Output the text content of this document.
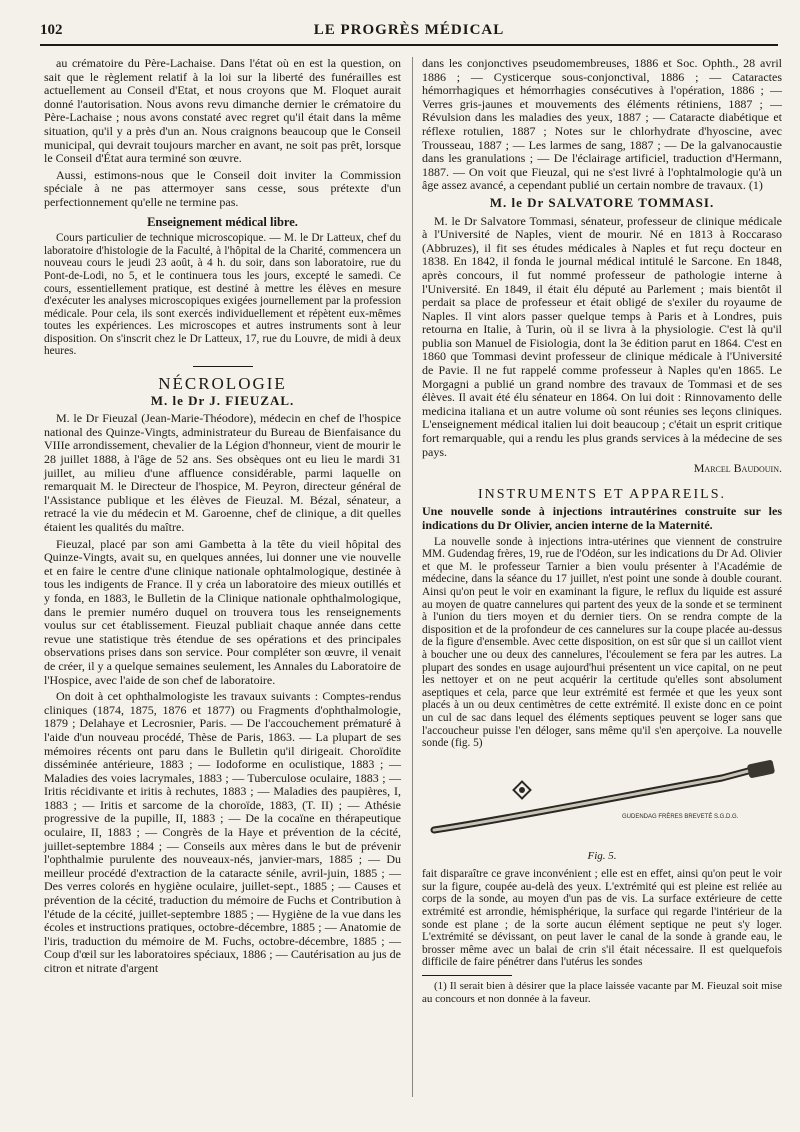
102	LE PROGRÈS MÉDICAL

au crématoire du Père-Lachaise. Dans l'état où en est la question, on sait que le règlement relatif à la loi sur la liberté des funérailles est actuellement au Conseil d'Etat, et nous croyons que M. Floquet aurait donné l'autorisation. Nous avons revu dimanche dernier le crématoire du Père-Lachaise ; nous avons constaté avec regret qu'il était dans la même situation, qu'il y a près d'un an. Nous craignons beaucoup que le Conseil municipal, qui devrait toujours marcher en avant, ne soit pas prêt, lorsque le Conseil d'État aura terminé son œuvre.

Aussi, estimons-nous que le Conseil doit inviter la Commission spéciale à ne pas attermoyer sans cesse, sous prétexte d'un perfectionnement qu'elle ne termine pas.

Enseignement médical libre.

Cours particulier de technique microscopique. — M. le Dr Latteux, chef du laboratoire d'histologie de la Faculté, à l'hôpital de la Charité, commencera un nouveau cours le jeudi 23 août, à 4 h. du soir, dans son laboratoire, rue du Pont-de-Lodi, no 5, et le continuera tous les jours, excepté le samedi. Ce cours, essentiellement pratique, est destiné à mettre les élèves en mesure d'exécuter les analyses microscopiques exigées journellement par la profession médicale. Pour cela, ils sont exercés individuellement et répètent eux-mêmes toutes les expériences. Les microscopes et autres instruments sont à leur disposition. On s'inscrit chez le Dr Latteux, 17, rue du Louvre, de midi à deux heures.

NÉCROLOGIE
M. le Dr J. FIEUZAL.

M. le Dr Fieuzal (Jean-Marie-Théodore), médecin en chef de l'hospice national des Quinze-Vingts, administrateur du Bureau de Bienfaisance du VIIIe arrondissement, chevalier de la Légion d'honneur, vient de mourir le 28 juillet 1888, à l'âge de 52 ans. Ses obsèques ont eu lieu le mardi 31 juillet, au milieu d'une affluence considérable, parmi laquelle on remarquait M. le Directeur de l'hospice, M. Peyron, directeur général de l'Assistance publique et les élèves de Fieuzal. M. Bézal, sénateur, a retracé la vie du médecin et M. Garoenne, chef de clinique, a dit quelles étaient les qualités du maître.

Fieuzal, placé par son ami Gambetta à la tête du vieil hôpital des Quinze-Vingts, avait su, en quelques années, lui donner une vie nouvelle et en faire le centre d'une clinique nationale ophtalmologique, destinée à tous les indigents de France. Il y créa un laboratoire des mieux outillés et y fonda, en 1883, le Bulletin de la Clinique nationale ophthalmologique, dans le premier numéro duquel on trouvera tous les renseignements voulus sur cet établissement. Fieuzal publiait chaque année dans cette revue une statistique très étendue de ses opérations et des principales observations prises dans son service. Pour compléter son œuvre, il venait de créer, il y a quelque semaines seulement, les Annales du Laboratoire de l'Hospice, avec l'aide de son chef de laboratoire.

On doit à cet ophthalmologiste les travaux suivants : Comptes-rendus cliniques (1874, 1875, 1876 et 1877) ou Fragments d'ophthalmologie, 1879 ; Delahaye et Lecrosnier, Paris. — De l'accouchement prématuré à l'aide d'un nouveau procédé, Thèse de Paris, 1863. — La plupart de ses mémoires récents ont paru dans le Bulletin qu'il dirigeait. Choroïdite disséminée antérieure, 1883 ; — Iodoforme en oculistique, 1883 ; — Maladies des voies lacrymales, 1883 ; — Tuberculose oculaire, 1883 ; — Iritis récidivante et iritis à rechutes, 1883 ; — Maladies des paupières, I, 1883 ; — Iritis et sarcome de la choroïde, 1883, (T. II) ; — Athésie progressive de la pupille, II, 1883 ; — De la cocaïne en thérapeutique oculaire, II, 1883 ; — Congrès de la Haye et prévention de la cécité, juillet-septembre 1884 ; — Conseils aux mères dans le but de prévenir l'ophthalmie purulente des nouveaux-nés, janvier-mars, 1885 ; — Du meilleur procédé d'extraction de la cataracte sénile, avril-juin, 1885 ; — Des verres colorés en hygiène oculaire, juillet-sept., 1885 ; — Causes et prévention de la cécité, traduction du mémoire de Fuchs et Contribution à l'étude de la cécité, juillet-septembre 1885 ; — Hygiène de la vue dans les écoles et instructions pratiques, octobre-décembre, 1885 ; — Anatomie de l'iris, traduction du mémoire de M. Fuchs, octobre-décembre, 1885 ; — Coup d'œil sur les laboratoires spéciaux, 1886 ; — Cautérisation au jus de citron et nitrate d'argent

dans les conjonctives pseudomembreuses, 1886 et Soc. Ophth., 28 avril 1886 ; — Cysticerque sous-conjonctival, 1886 ; — Cataractes hémorrhagiques et hémorrhagies consécutives à l'opération, 1886 ; — Verres gris-jaunes et mouvements des éléments rétiniens, 1887 ; — Révulsion dans les maladies des yeux, 1887 ; — Cataracte diabétique et réflexe rotulien, 1887 ; Notes sur le chlorhydrate d'hyoscine, avec Trousseau, 1887 ; — Les larmes de sang, 1887 ; — De la galvanocaustie dans les granulations ; — De l'éclairage artificiel, traduction d'Hermann, 1887. — On voit que Fieuzal, qui ne s'est livré à l'ophtalmologie qu'à un âge assez avancé, a cependant publié un certain nombre de travaux. (1)

M. le Dr SALVATORE TOMMASI.

M. le Dr Salvatore Tommasi, sénateur, professeur de clinique médicale à l'Université de Naples, vient de mourir. Né en 1813 à Roccaraso (Abbruzes), il fit ses études médicales à Naples et fut reçu docteur en 1838. En 1842, il fonda le journal médical intitulé le Sarcone. En 1848, après concours, il fut nommé professeur de pathologie interne à l'Université. En 1849, il était élu député au Parlement ; mais bientôt il perdait sa place de professeur et était obligé de s'exiler du royaume de Naples. Il vint alors passer quelque temps à Paris et à Londres, puis retourna en Italie, à Turin, où il se livra à la physiologie. C'est là qu'il publia son Manuel de Fisiologia, dont la 3e édition parut en 1864. C'est en 1860 que Tommasi devint professeur de clinique médicale à l'Université de Pavie. Il ne fut rappelé comme professeur à Naples qu'en 1865. Le Morgagni a publié un grand nombre des travaux de Tommasi et de ses élèves. Il avait été élu sénateur en 1864. On lui doit : Rinnovamento delle medicina italiana et un autre volume où sont réunies ses leçons cliniques. L'enseignement médical italien lui doit beaucoup ; c'était un esprit critique fort remarquable, qui a rendu les plus grands services à la médecine de ses pays.

Marcel Baudouin.
INSTRUMENTS ET APPAREILS.
Une nouvelle sonde à injections intrautérines construite sur les indications du Dr Olivier, ancien interne de la Maternité.

La nouvelle sonde à injections intra-utérines que viennent de construire MM. Gudendag frères, 19, rue de l'Odéon, sur les indications du Dr Ad. Olivier et que M. le professeur Tarnier a bien voulu présenter à l'Académie de médecine, dans la séance du 17 juillet, n'est point une sonde à double courant. Ainsi qu'on peut le voir en examinant la figure, le reflux du liquide est assuré au moyen de quatre cannelures qui partent des yeux de la sonde et se terminent à l'union du tiers moyen et du dernier tiers. On se rendra compte de la disposition et de la profondeur de ces cannelures sur la coupe placée au-dessus de la figure d'ensemble. Avec cette disposition, on est sûr que si un caillot vient à boucher une ou deux des cannelures, l'écoulement se fera par les autres. La plupart des sondes en usage aujourd'hui présentent un vice capital, on ne peut les nettoyer et on ne peut acquérir la certitude qu'elles sont absolument aseptiques et cela, parce que leur extrémité est fermée et que les yeux sont placés à un ou deux centimètres de cette extrémité. Il existe donc en ce point un cul de sac dans lequel des éléments septiques peuvent se loger sans que l'accoucheur puisse l'en déloger, sans même qu'il s'en aperçoive. La nouvelle sonde (fig. 5)

GUDENDAG FRÈRES BREVETÉ S.G.D.G.
Fig. 5.

fait disparaître ce grave inconvénient ; elle est en effet, ainsi qu'on peut le voir sur la figure, coupée au-delà des yeux. L'extrémité qui est pleine est reliée au corps de la sonde, au moyen d'un pas de vis. La surface extérieure de cette extrémité est arrondie, hémisphérique, la surface qui regarde l'intérieur de la sonde est plane ; de la sorte aucun élément septique ne peut s'y loger. L'extrémité se dévissant, on peut laver le canal de la sonde à grande eau, le brosser même avec un balai de crin s'il était nécessaire. Il est quelquefois difficile de faire pénétrer dans l'utérus les sondes

(1) Il serait bien à désirer que la place laissée vacante par M. Fieuzal soit mise au concours et non donnée à la faveur.
